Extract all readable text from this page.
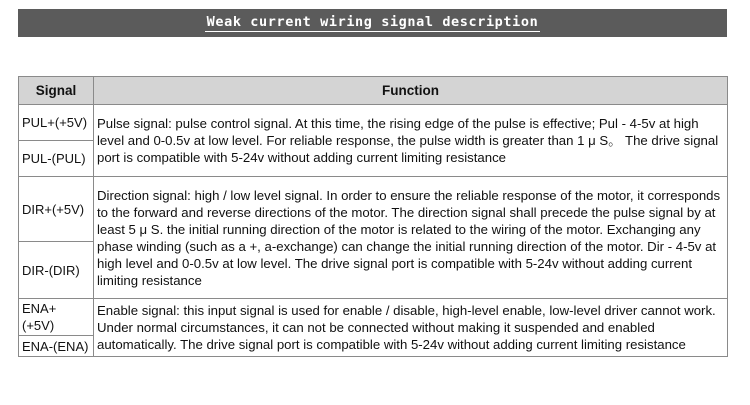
Weak current wiring signal description
Signal	Function
PUL+(+5V)	Pulse signal: pulse control signal. At this time, the rising edge of the pulse is effective; Pul - 4-5v at high level and 0-0.5v at low level. For reliable response, the pulse width is greater than 1 μ S。 The drive signal port is compatible with 5-24v without adding current limiting resistance
PUL-(PUL)	
DIR+(+5V)	Direction signal: high / low level signal. In order to ensure the reliable response of the motor, it corresponds to the forward and reverse directions of the motor. The direction signal shall precede the pulse signal by at least 5 μ S. the initial running direction of the motor is related to the wiring of the motor. Exchanging any phase winding (such as a +, a-exchange) can change the initial running direction of the motor. Dir - 4-5v at high level and 0-0.5v at low level. The drive signal port is compatible with 5-24v without adding current limiting resistance
DIR-(DIR)	
ENA+ (+5V)	Enable signal: this input signal is used for enable / disable, high-level enable, low-level driver cannot work. Under normal circumstances, it can not be connected without making it suspended and enabled automatically. The drive signal port is compatible with 5-24v without adding current limiting resistance
ENA-(ENA)	
